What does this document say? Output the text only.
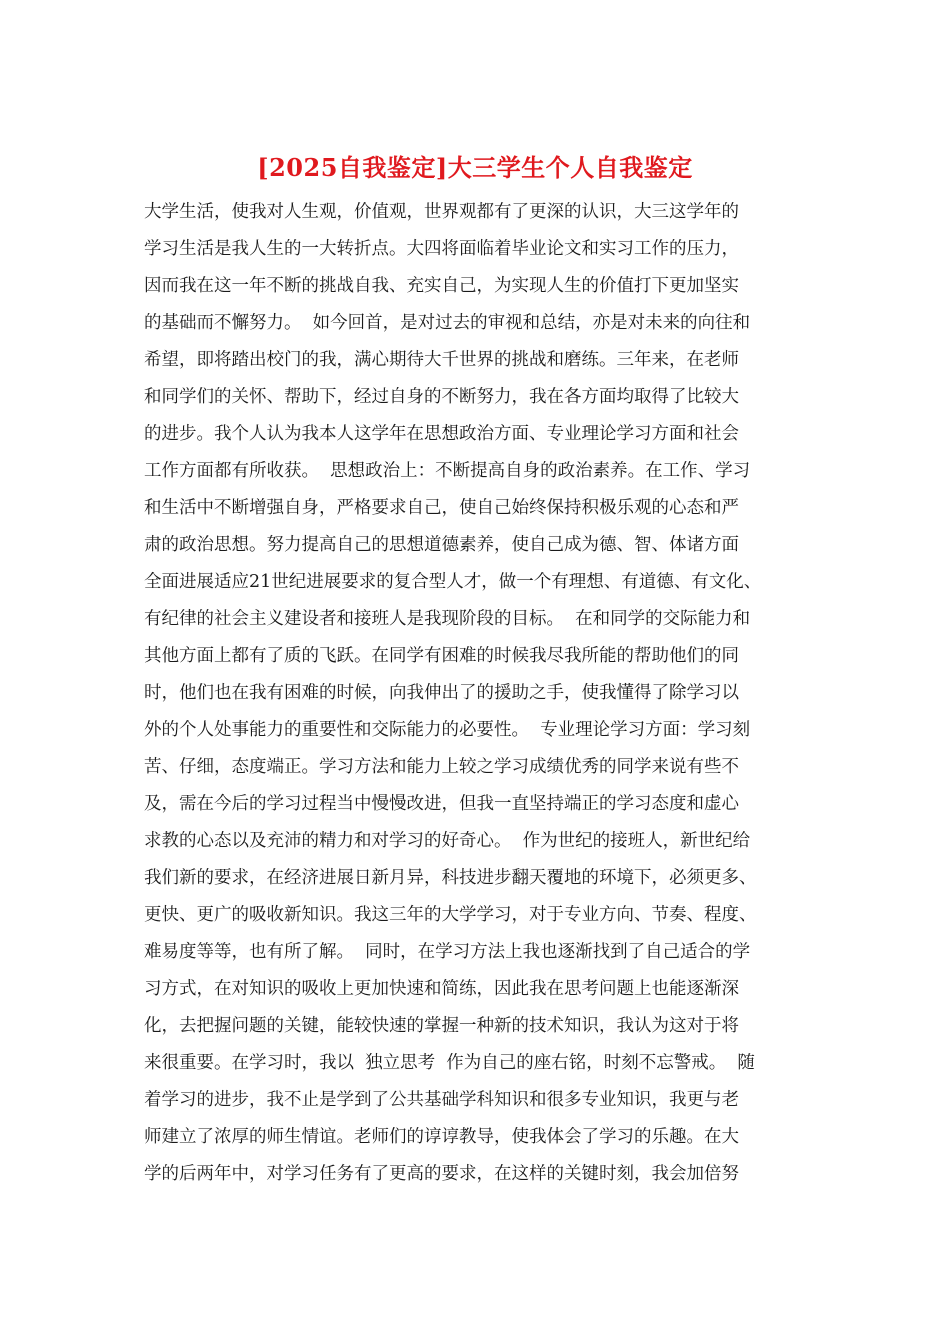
[2025自我鉴定]大三学生个人自我鉴定
大学生活，使我对人生观，价值观，世界观都有了更深的认识，大三这学年的
学习生活是我人生的一大转折点。大四将面临着毕业论文和实习工作的压力，
因而我在这一年不断的挑战自我、充实自己，为实现人生的价值打下更加坚实
的基础而不懈努力。  如今回首，是对过去的审视和总结，亦是对未来的向往和
希望，即将踏出校门的我，满心期待大千世界的挑战和磨练。三年来，在老师
和同学们的关怀、帮助下，经过自身的不断努力，我在各方面均取得了比较大
的进步。我个人认为我本人这学年在思想政治方面、专业理论学习方面和社会
工作方面都有所收获。  思想政治上：不断提高自身的政治素养。在工作、学习
和生活中不断增强自身，严格要求自己，使自己始终保持积极乐观的心态和严
肃的政治思想。努力提高自己的思想道德素养，使自己成为德、智、体诸方面
全面进展适应21世纪进展要求的复合型人才，做一个有理想、有道德、有文化、
有纪律的社会主义建设者和接班人是我现阶段的目标。  在和同学的交际能力和
其他方面上都有了质的飞跃。在同学有困难的时候我尽我所能的帮助他们的同
时，他们也在我有困难的时候，向我伸出了的援助之手，使我懂得了除学习以
外的个人处事能力的重要性和交际能力的必要性。  专业理论学习方面：学习刻
苦、仔细，态度端正。学习方法和能力上较之学习成绩优秀的同学来说有些不
及，需在今后的学习过程当中慢慢改进，但我一直坚持端正的学习态度和虚心
求教的心态以及充沛的精力和对学习的好奇心。  作为世纪的接班人，新世纪给
我们新的要求，在经济进展日新月异，科技进步翻天覆地的环境下，必须更多、
更快、更广的吸收新知识。我这三年的大学学习，对于专业方向、节奏、程度、
难易度等等，也有所了解。  同时，在学习方法上我也逐渐找到了自己适合的学
习方式，在对知识的吸收上更加快速和简练，因此我在思考问题上也能逐渐深
化，去把握问题的关键，能较快速的掌握一种新的技术知识，我认为这对于将
来很重要。在学习时，我以  独立思考  作为自己的座右铭，时刻不忘警戒。  随
着学习的进步，我不止是学到了公共基础学科知识和很多专业知识，我更与老
师建立了浓厚的师生情谊。老师们的谆谆教导，使我体会了学习的乐趣。在大
学的后两年中，对学习任务有了更高的要求，在这样的关键时刻，我会加倍努
